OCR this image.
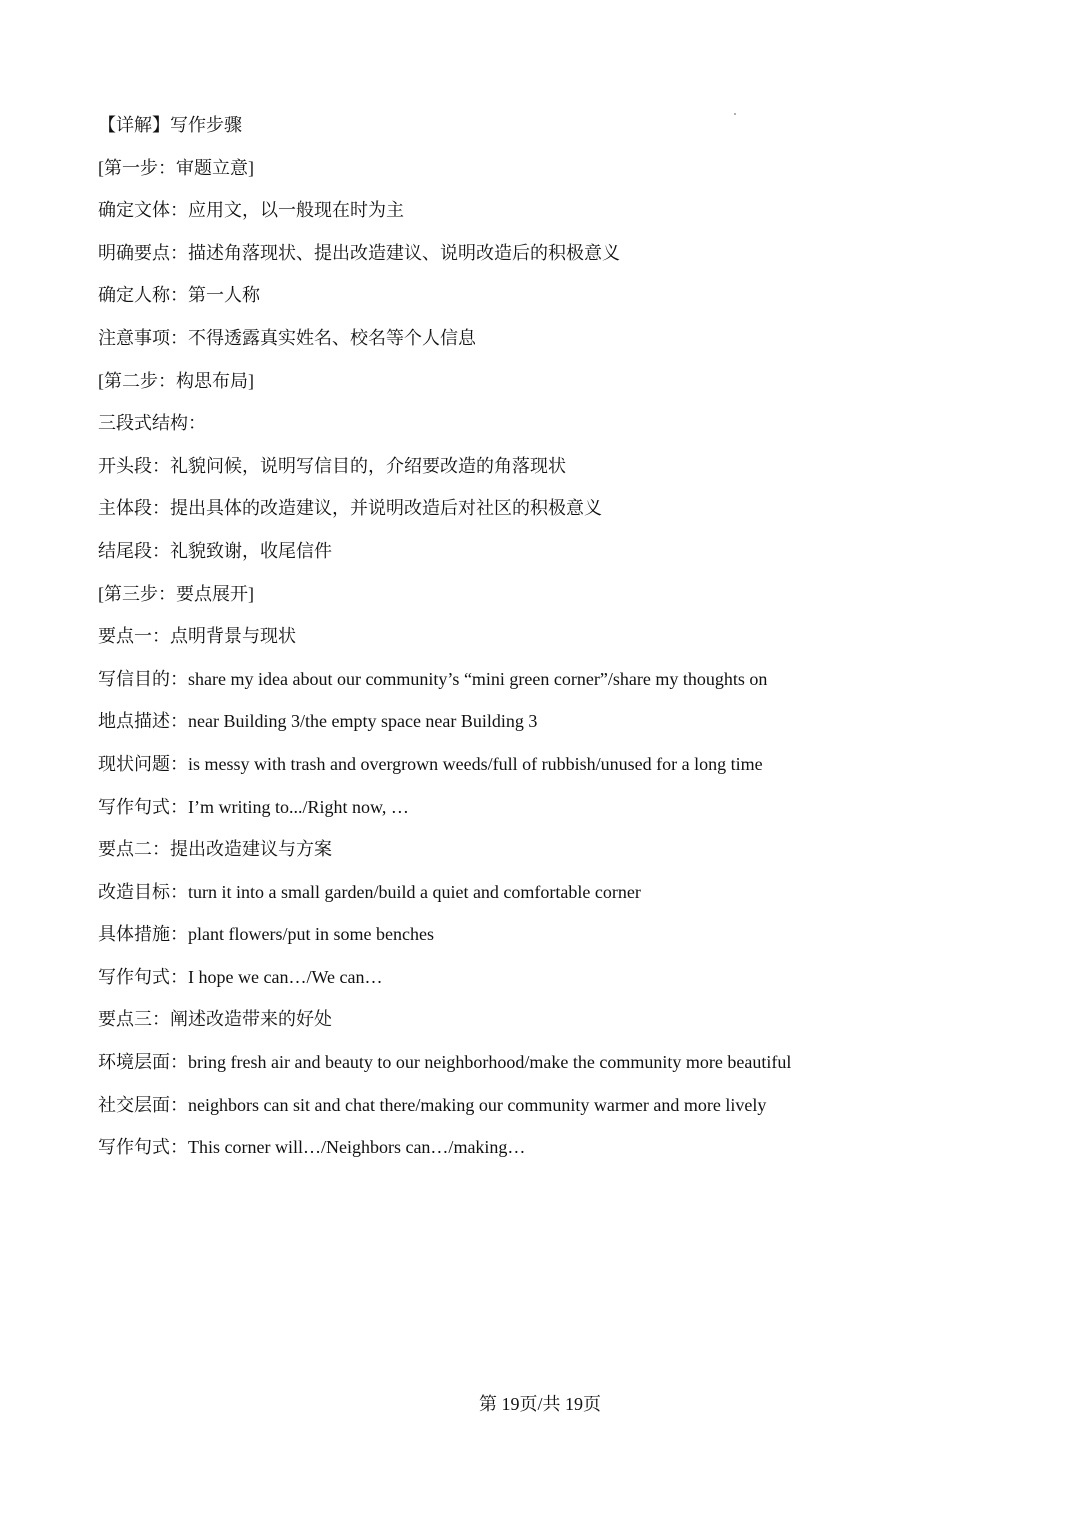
【详解】写作步骤
[第一步：审题立意]
确定文体：应用文，以一般现在时为主
明确要点：描述角落现状、提出改造建议、说明改造后的积极意义
确定人称：第一人称
注意事项：不得透露真实姓名、校名等个人信息
[第二步：构思布局]
三段式结构：
开头段：礼貌问候，说明写信目的，介绍要改造的角落现状
主体段：提出具体的改造建议，并说明改造后对社区的积极意义
结尾段：礼貌致谢，收尾信件
[第三步：要点展开]
要点一：点明背景与现状
写信目的：share my idea about our community’s “mini green corner”/share my thoughts on
地点描述：near Building 3/the empty space near Building 3
现状问题：is messy with trash and overgrown weeds/full of rubbish/unused for a long time
写作句式：I’m writing to.../Right now, …
要点二：提出改造建议与方案
改造目标：turn it into a small garden/build a quiet and comfortable corner
具体措施：plant flowers/put in some benches
写作句式：I hope we can…/We can…
要点三：阐述改造带来的好处
环境层面：bring fresh air and beauty to our neighborhood/make the community more beautiful
社交层面：neighbors can sit and chat there/making our community warmer and more lively
写作句式：This corner will…/Neighbors can…/making…
第 19页/共 19页
